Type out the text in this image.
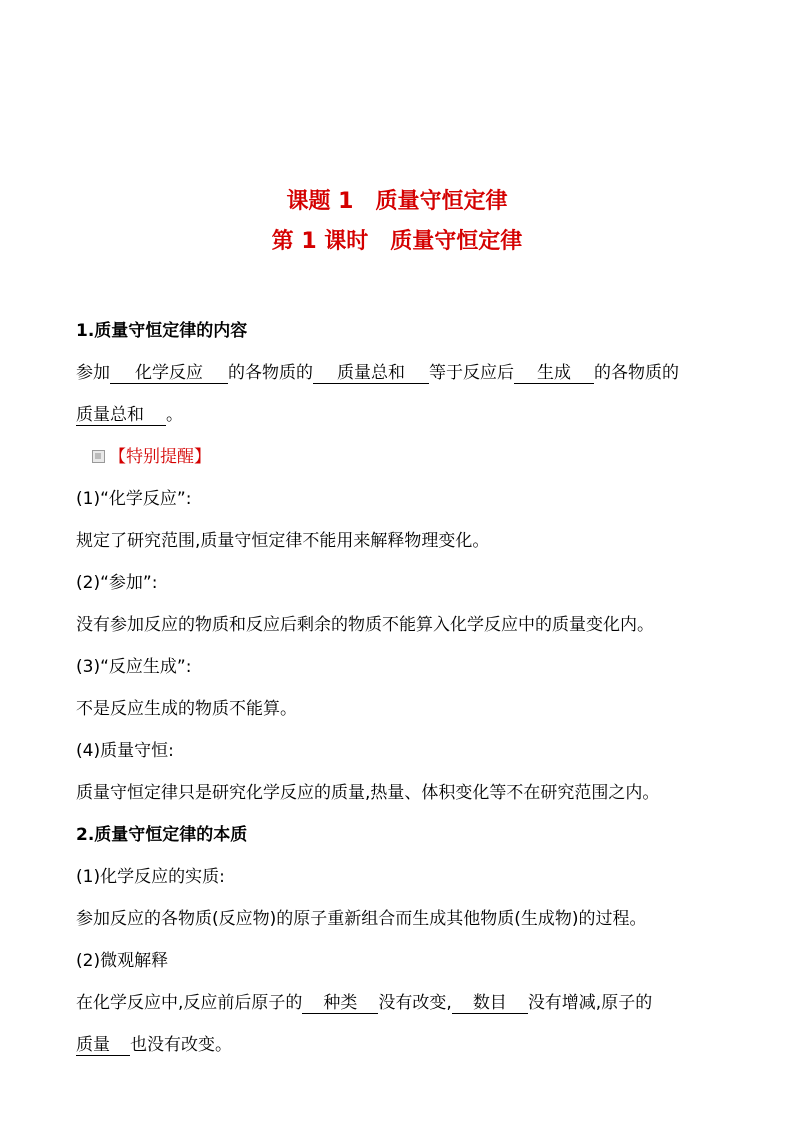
课题 1　质量守恒定律

第 1 课时　质量守恒定律

1.质量守恒定律的内容

参加 化学反应 的各物质的 质量总和 等于反应后 生成 的各物质的

质量总和 。

【特别提醒】

(1)“化学反应”:

规定了研究范围,质量守恒定律不能用来解释物理变化。

(2)“参加”:

没有参加反应的物质和反应后剩余的物质不能算入化学反应中的质量变化内。

(3)“反应生成”:

不是反应生成的物质不能算。

(4)质量守恒:

质量守恒定律只是研究化学反应的质量,热量、体积变化等不在研究范围之内。

2.质量守恒定律的本质

(1)化学反应的实质:

参加反应的各物质(反应物)的原子重新组合而生成其他物质(生成物)的过程。

(2)微观解释

在化学反应中,反应前后原子的 种类 没有改变, 数目 没有增减,原子的

质量 也没有改变。
